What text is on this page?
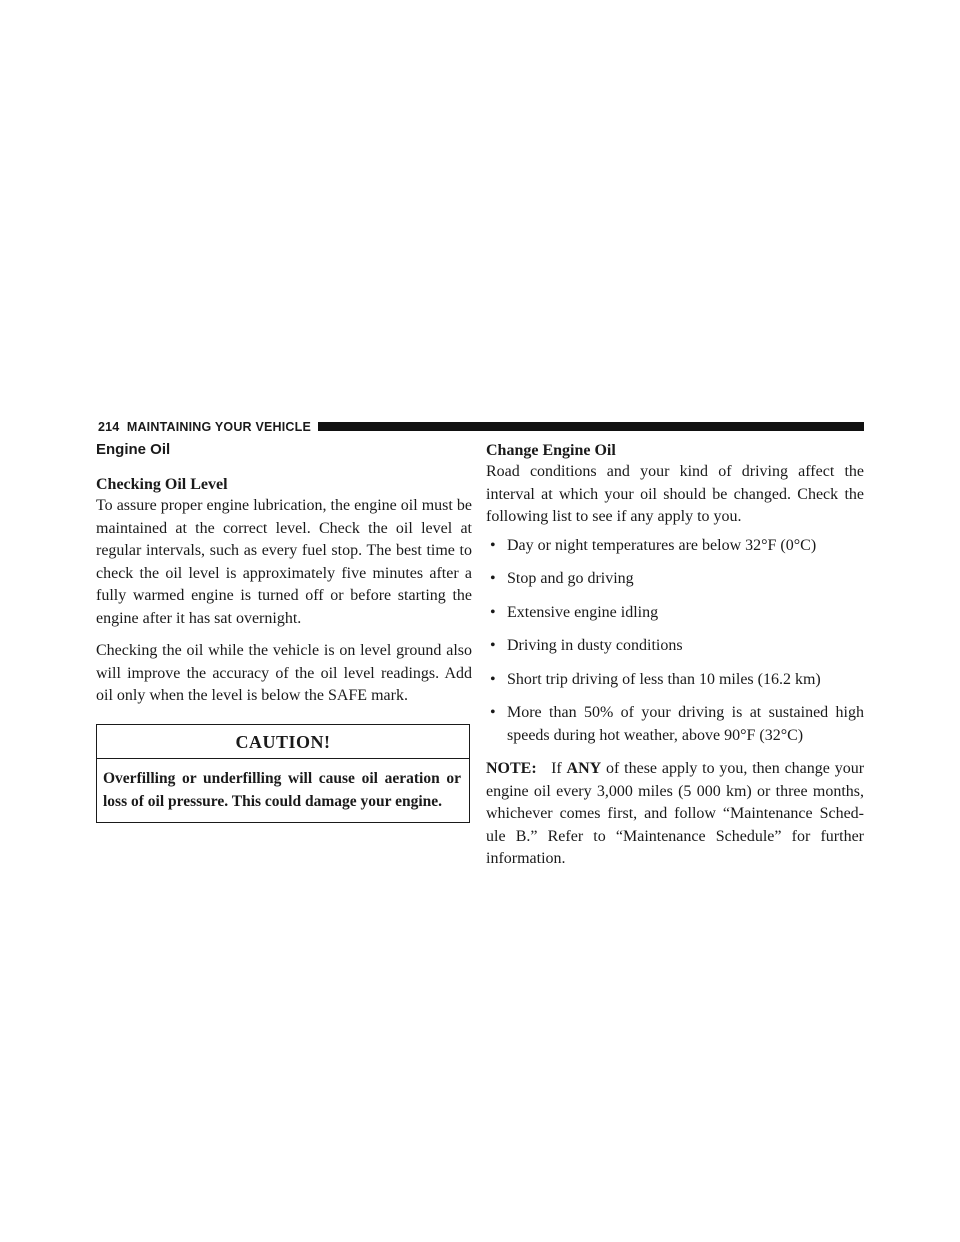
214 MAINTAINING YOUR VEHICLE
Engine Oil
Checking Oil Level

To assure proper engine lubrication, the engine oil must be maintained at the correct level. Check the oil level at regular intervals, such as every fuel stop. The best time to check the oil level is approximately five minutes after a fully warmed engine is turned off or before starting the engine after it has sat overnight.

Checking the oil while the vehicle is on level ground also will improve the accuracy of the oil level readings. Add oil only when the level is below the SAFE mark.

CAUTION!
Overfilling or underfilling will cause oil aeration or loss of oil pressure. This could damage your engine.
Change Engine Oil

Road conditions and your kind of driving affect the interval at which your oil should be changed. Check the following list to see if any apply to you.

• Day or night temperatures are below 32°F (0°C)
• Stop and go driving
• Extensive engine idling
• Driving in dusty conditions
• Short trip driving of less than 10 miles (16.2 km)
• More than 50% of your driving is at sustained high speeds during hot weather, above 90°F (32°C)

NOTE: If ANY of these apply to you, then change your engine oil every 3,000 miles (5 000 km) or three months, whichever comes first, and follow “Maintenance Sched- ule B.” Refer to “Maintenance Schedule” for further information.
